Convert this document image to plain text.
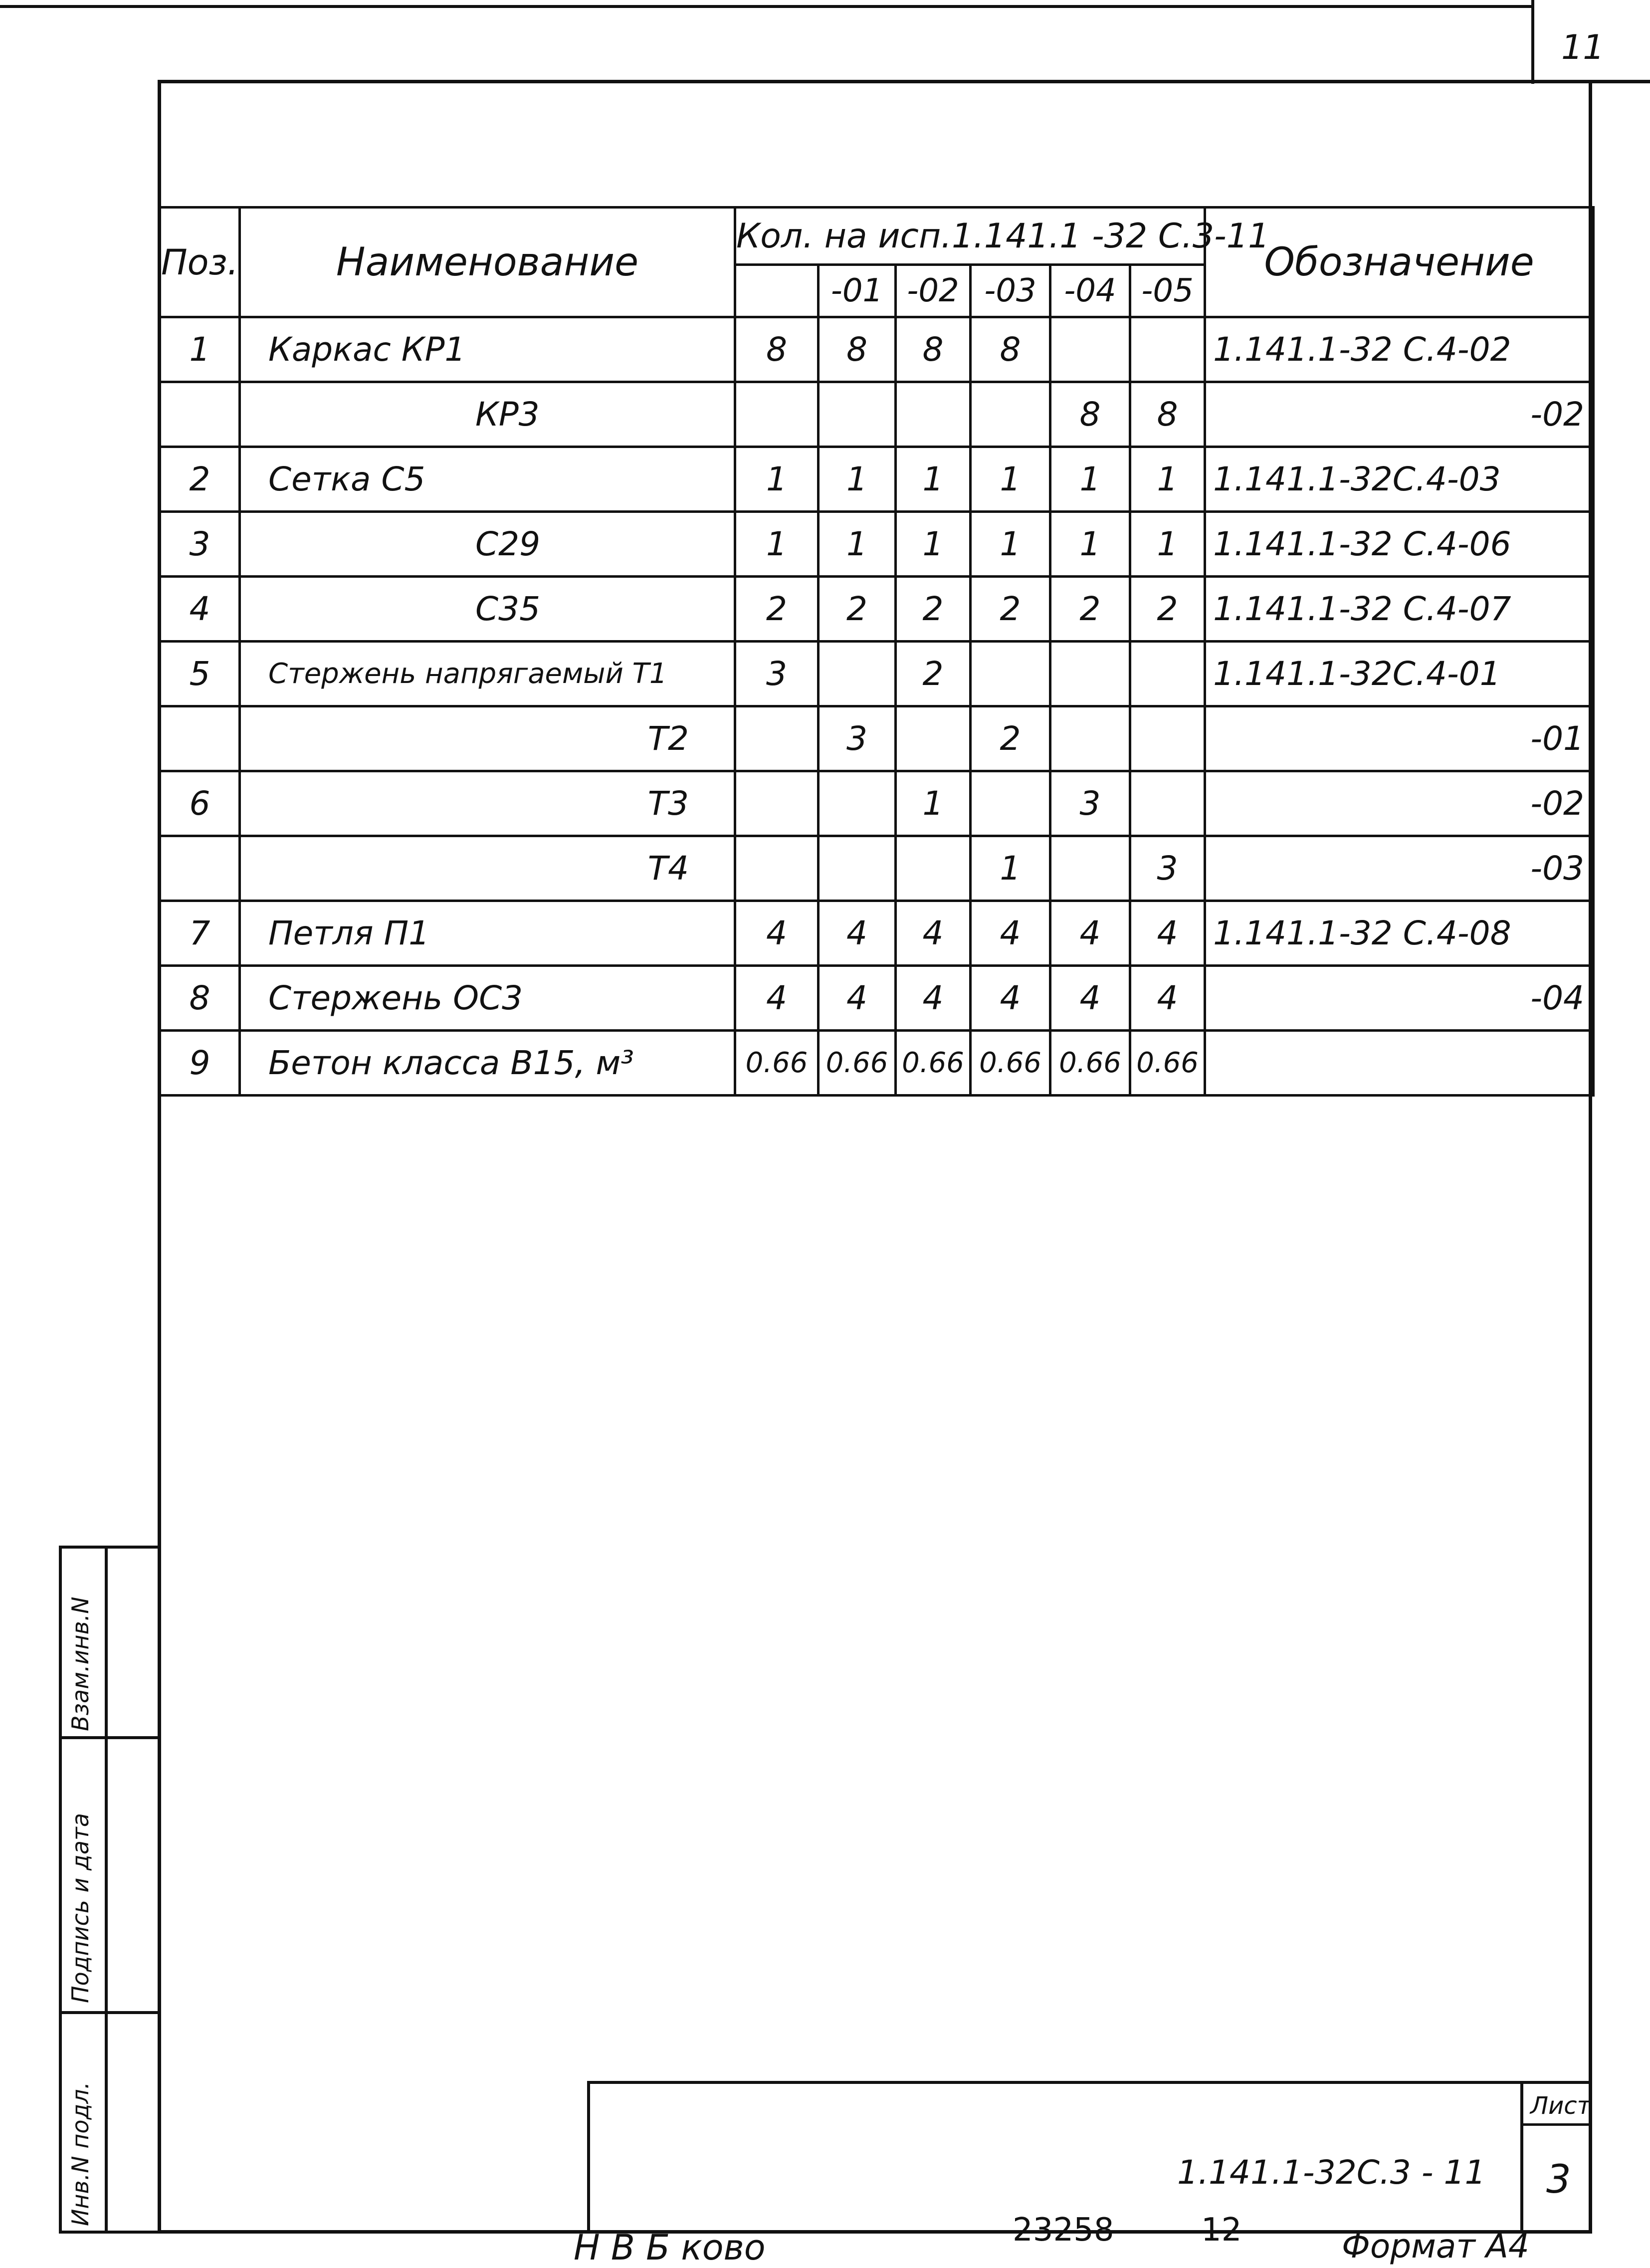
11
Поз.	Наименование	Кол. на исп.1.141.1 -32 С.3-11						Обозначение
			-01	-02	-03	-04	-05	
1	Каркас КР1	8	8	8	8			1.141.1-32 С.4-02
	КР3					8	8	-02
2	Сетка С5	1	1	1	1	1	1	1.141.1-32С.4-03
3	С29	1	1	1	1	1	1	1.141.1-32 С.4-06
4	С35	2	2	2	2	2	2	1.141.1-32 С.4-07
5	Стержень напрягаемый Т1	3		2				1.141.1-32С.4-01
	Т2		3		2			-01
6	Т3			1		3		-02
	Т4				1		3	-03
7	Петля П1	4	4	4	4	4	4	1.141.1-32 С.4-08
8	Стержень ОС3	4	4	4	4	4	4	-04
9	Бетон класса В15, м³	0.66	0.66	0.66	0.66	0.66	0.66	
Инв.N подл.
Подпись и дата
Взам.инв.N
Лист
3
1.141.1-32С.3 - 11
Н В Б ково	23258	12	Формат А4
